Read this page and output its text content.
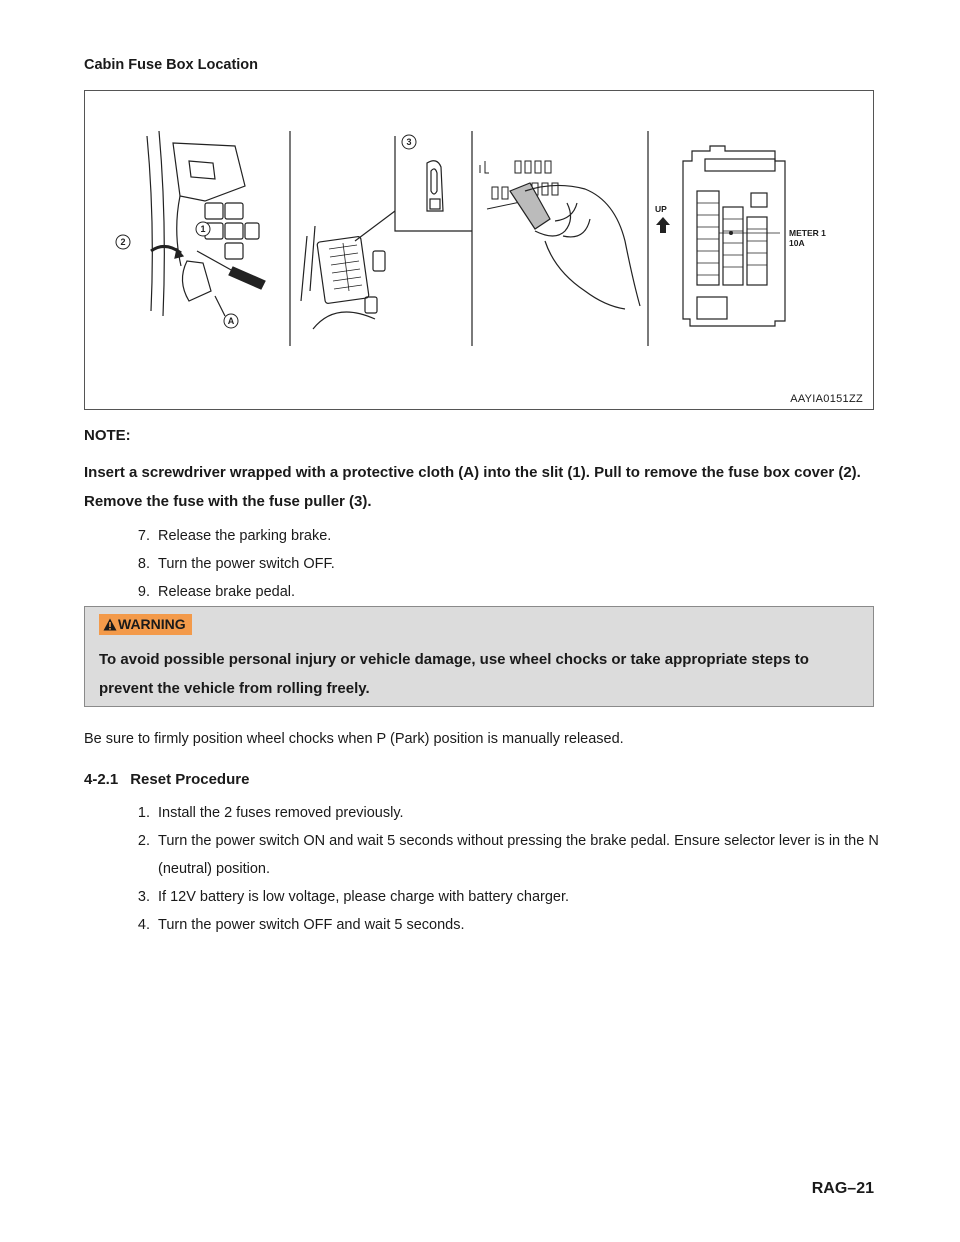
Cabin Fuse Box Location
A
1
2
3
UP
METER 1
10A
AAYIA0151ZZ
NOTE:
Insert a screwdriver wrapped with a protective cloth (A) into the slit (1). Pull to remove the fuse box cover (2). Remove the fuse with the fuse puller (3).
7. Release the parking brake.
8. Turn the power switch OFF.
9. Release brake pedal.
WARNING
To avoid possible personal injury or vehicle damage, use wheel chocks or take appropriate steps to prevent the vehicle from rolling freely.
Be sure to firmly position wheel chocks when P (Park) position is manually released.
4-2.1 Reset Procedure
1. Install the 2 fuses removed previously.
2. Turn the power switch ON and wait 5 seconds without pressing the brake pedal. Ensure selector lever is in the N (neutral) position.
3. If 12V battery is low voltage, please charge with battery charger.
4. Turn the power switch OFF and wait 5 seconds.
RAG–21
